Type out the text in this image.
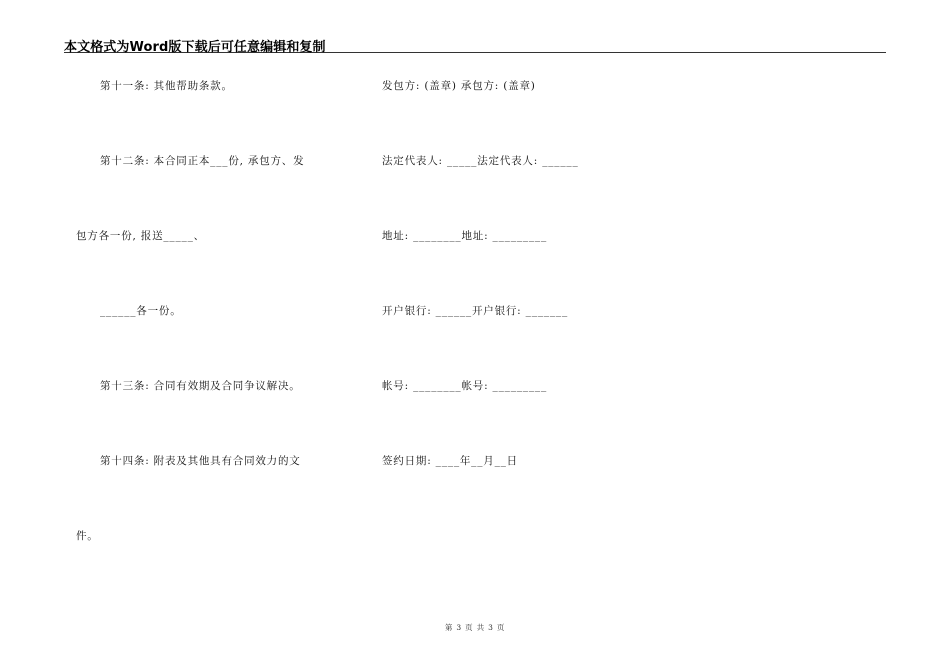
本文格式为Word版下载后可任意编辑和复制
第十一条: 其他帮助条款。
第十二条: 本合同正本___份, 承包方、发
包方各一份, 报送_____、
______各一份。
第十三条: 合同有效期及合同争议解决。
第十四条: 附表及其他具有合同效力的文
件。
发包方: (盖章) 承包方: (盖章)
法定代表人: _____法定代表人: ______
地址: ________地址: _________
开户银行: ______开户银行: _______
帐号: ________帐号: _________
签约日期: ____年__月__日
第 3 页 共 3 页
